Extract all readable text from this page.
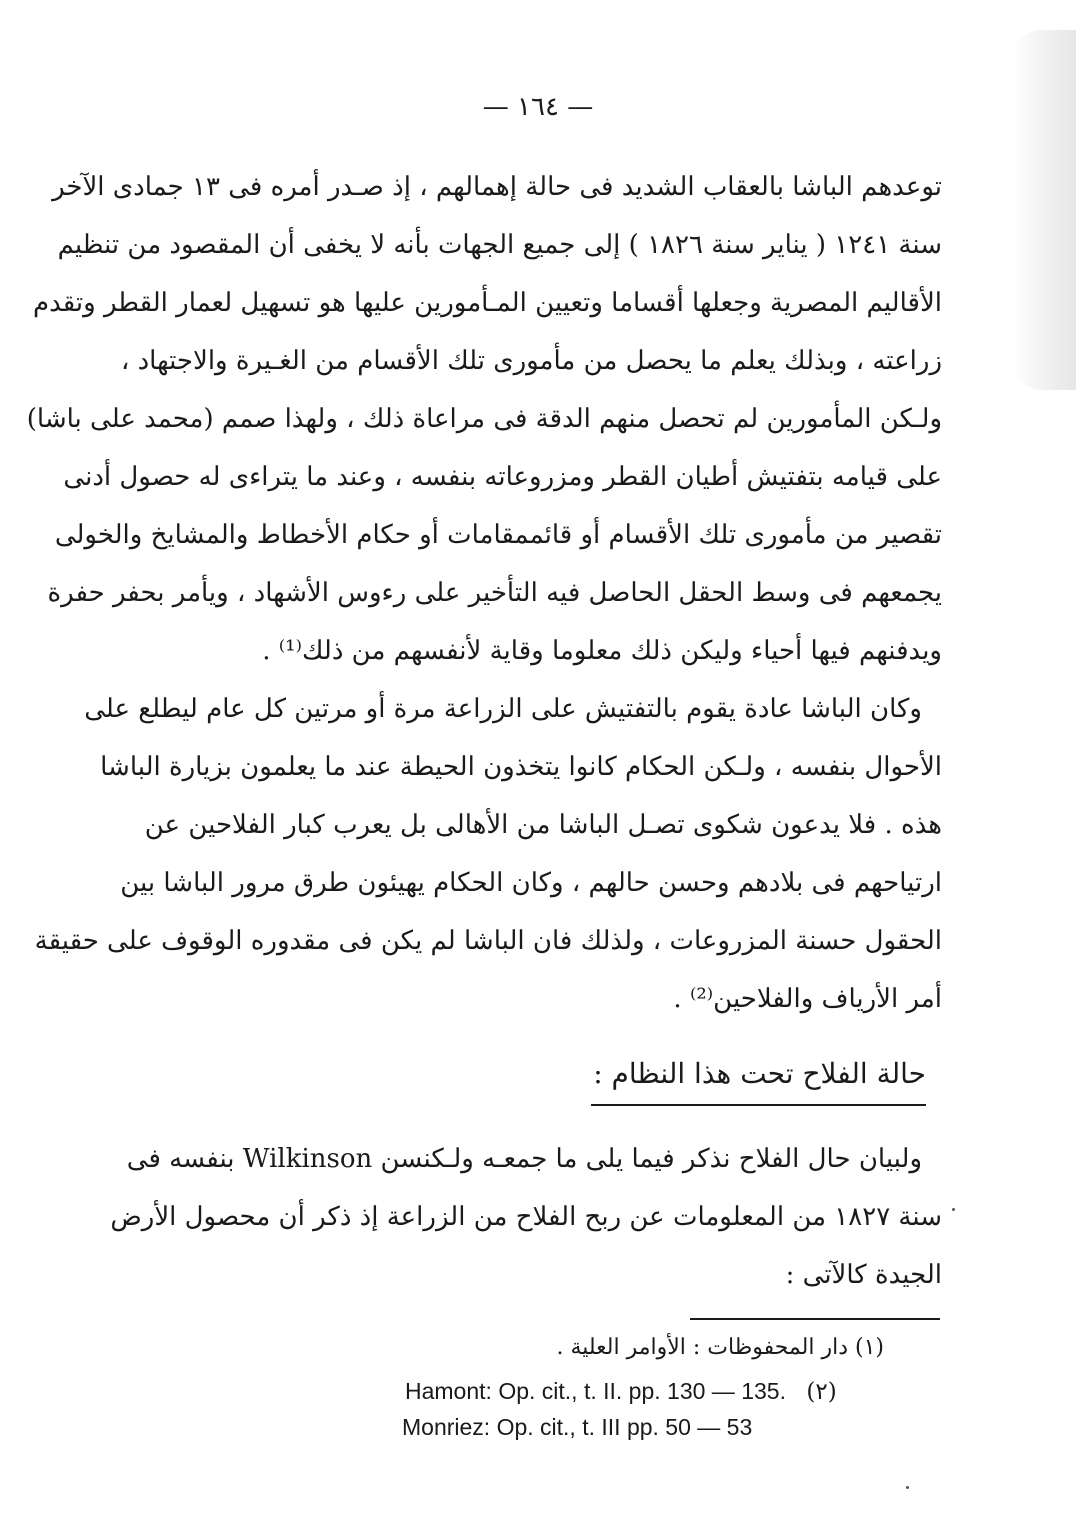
— ١٦٤ —
توعدهم الباشا بالعقاب الشديد فى حالة إهمالهم ، إذ صـدر أمره فى ١٣ جمادى الآخر
سنة ١٢٤١ ( يناير سنة ١٨٢٦ ) إلى جميع الجهات بأنه لا يخفى أن المقصود من تنظيم
الأقاليم المصرية وجعلها أقساما وتعيين المـأمورين عليها هو تسهيل لعمار القطر وتقدم
زراعته ، وبذلك يعلم ما يحصل من مأمورى تلك الأقسام من الغـيرة والاجتهاد ،
ولـكن المأمورين لم تحصل منهم الدقة فى مراعاة ذلك ، ولهذا صمم (محمد على باشا)
على قيامه بتفتيش أطيان القطر ومزروعاته بنفسه ، وعند ما يتراءى له حصول أدنى
تقصير من مأمورى تلك الأقسام أو قائممقامات أو حكام الأخطاط والمشايخ والخولى
يجمعهم فى وسط الحقل الحاصل فيه التأخير على رءوس الأشهاد ، ويأمر بحفر حفرة
ويدفنهم فيها أحياء وليكن ذلك معلوما وقاية لأنفسهم من ذلك⁽¹⁾ .
وكان الباشا عادة يقوم بالتفتيش على الزراعة مرة أو مرتين كل عام ليطلع على
الأحوال بنفسه ، ولـكن الحكام كانوا يتخذون الحيطة عند ما يعلمون بزيارة الباشا
هذه . فلا يدعون شكوى تصـل الباشا من الأهالى بل يعرب كبار الفلاحين عن
ارتياحهم فى بلادهم وحسن حالهم ، وكان الحكام يهيئون طرق مرور الباشا بين
الحقول حسنة المزروعات ، ولذلك فان الباشا لم يكن فى مقدوره الوقوف على حقيقة
أمر الأرياف والفلاحين⁽²⁾ .
حالة الفلاح تحت هذا النظام :
ولبيان حال الفلاح نذكر فيما يلى ما جمعـه ولـكنسن Wilkinson بنفسه فى
سنة ١٨٢٧ من المعلومات عن ربح الفلاح من الزراعة إذ ذكر أن محصول الأرض
الجيدة كالآتى :
(١) دار المحفوظات : الأوامر العلية .
Hamont: Op. cit., t. II. pp. 130 — 135. (٢)
Monriez: Op. cit., t. III pp. 50 — 53
